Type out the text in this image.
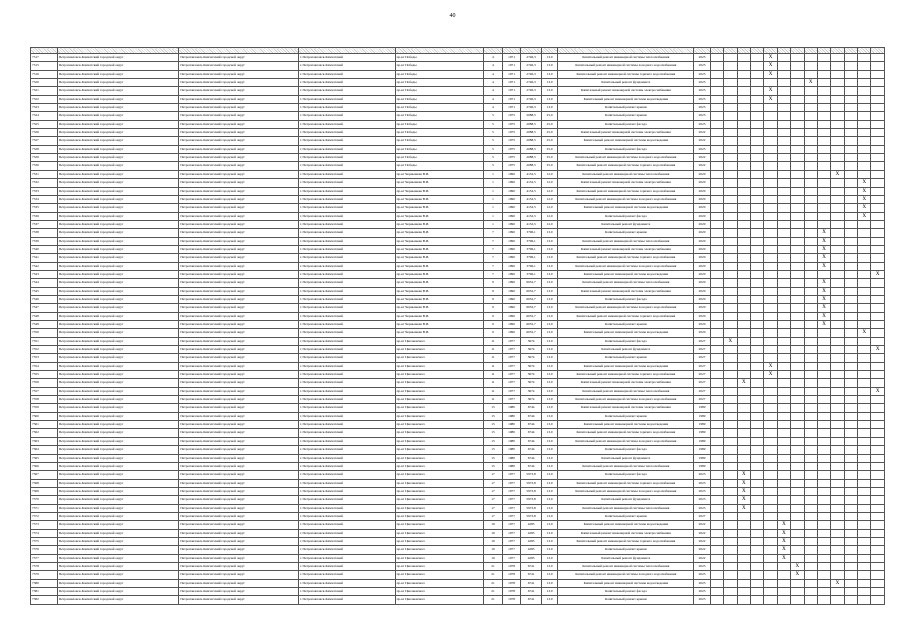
40

7317	Петропавловск-Камчатский городской округ	Петропавловск-Камчатский городской округ	г. Петропавловск-Камчатский	пр-кт Победы	4	1971	2746,3	13,0	Капитальный ремонт инженерной системы теплоснабжения	2025					X								
7315	Петропавловск-Камчатский городской округ	Петропавловск-Камчатский городской округ	г. Петропавловск-Камчатский	пр-кт Победы	4	1971	2746,3	13,0	Капитальный ремонт инженерной системы холодного водоснабжения	2025					X								
7316	Петропавловск-Камчатский городской округ	Петропавловск-Камчатский городской округ	г. Петропавловск-Камчатский	пр-кт Победы	4	1971	2746,3	13,0	Капитальный ремонт инженерной системы горячего водоснабжения	2025					X								
7320	Петропавловск-Камчатский городской округ	Петропавловск-Камчатский городской округ	г. Петропавловск-Камчатский	пр-кт Победы	4	1971	2746,3	13,0	Капитальный ремонт фундамента	2025								X					
7321	Петропавловск-Камчатский городской округ	Петропавловск-Камчатский городской округ	г. Петропавловск-Камчатский	пр-кт Победы	4	1971	2746,3	13,0	Капитальный ремонт инженерной системы электроснабжения	2025					X								
7322	Петропавловск-Камчатский городской округ	Петропавловск-Камчатский городской округ	г. Петропавловск-Камчатский	пр-кт Победы	4	1971	2746,3	13,0	Капитальный ремонт инженерной системы водоотведения	2025					X								
7323	Петропавловск-Камчатский городской округ	Петропавловск-Камчатский городской округ	г. Петропавловск-Камчатский	пр-кт Победы	4	1971	2746,3	13,0	Капитальный ремонт крыши	2025													
7324	Петропавловск-Камчатский городской округ	Петропавловск-Камчатский городской округ	г. Петропавловск-Камчатский	пр-кт Победы	5	1975	2088,5	25,0	Капитальный ремонт крыши	2025													
7325	Петропавловск-Камчатский городской округ	Петропавловск-Камчатский городской округ	г. Петропавловск-Камчатский	пр-кт Победы	5	1975	2088,5	25,0	Капитальный ремонт фасада	2025													
7326	Петропавловск-Камчатский городской округ	Петропавловск-Камчатский городской округ	г. Петропавловск-Камчатский	пр-кт Победы	5	1975	2088,5	25,0	Капитальный ремонт инженерной системы электроснабжения	2022													
7327	Петропавловск-Камчатский городской округ	Петропавловск-Камчатский городской округ	г. Петропавловск-Камчатский	пр-кт Победы	5	1975	2088,5	25,0	Капитальный ремонт инженерной системы водоотведения	2022													
7328	Петропавловск-Камчатский городской округ	Петропавловск-Камчатский городской округ	г. Петропавловск-Камчатский	пр-кт Победы	5	1975	2088,5	25,0	Капитальный ремонт фасада	2025													
7329	Петропавловск-Камчатский городской округ	Петропавловск-Камчатский городской округ	г. Петропавловск-Камчатский	пр-кт Победы	5	1975	2088,5	25,0	Капитальный ремонт инженерной системы холодного водоснабжения	2022													
7330	Петропавловск-Камчатский городской округ	Петропавловск-Камчатский городской округ	г. Петропавловск-Камчатский	пр-кт Победы	5	1975	2088,5	25,0	Капитальный ремонт инженерной системы горячего водоснабжения	2022													
7331	Петропавловск-Камчатский городской округ	Петропавловск-Камчатский городской округ	г. Петропавловск-Камчатский	пр-кт Чернышева В.И.	1	1990	4132,5	12,0	Капитальный ремонт инженерной системы теплоснабжения	2020										X			
7332	Петропавловск-Камчатский городской округ	Петропавловск-Камчатский городской округ	г. Петропавловск-Камчатский	пр-кт Чернышева В.И.	1	1990	4132,5	12,0	Капитальный ремонт инженерной системы электроснабжения	2020												X	
7333	Петропавловск-Камчатский городской округ	Петропавловск-Камчатский городской округ	г. Петропавловск-Камчатский	пр-кт Чернышева В.И.	1	1990	4132,5	12,0	Капитальный ремонт инженерной системы горячего водоснабжения	2020												X	
7334	Петропавловск-Камчатский городской округ	Петропавловск-Камчатский городской округ	г. Петропавловск-Камчатский	пр-кт Чернышева В.И.	1	1990	4132,5	12,0	Капитальный ремонт инженерной системы холодного водоснабжения	2020												X	
7335	Петропавловск-Камчатский городской округ	Петропавловск-Камчатский городской округ	г. Петропавловск-Камчатский	пр-кт Чернышева В.И.	1	1990	4132,5	12,0	Капитальный ремонт инженерной системы водоотведения	2020												X	
7336	Петропавловск-Камчатский городской округ	Петропавловск-Камчатский городской округ	г. Петропавловск-Камчатский	пр-кт Чернышева В.И.	1	1990	4132,5	12,0	Капитальный ремонт фасада	2020												X	
7337	Петропавловск-Камчатский городской округ	Петропавловск-Камчатский городской округ	г. Петропавловск-Камчатский	пр-кт Чернышева В.И.	1	1990	4132,5	12,0	Капитальный ремонт фундамента	2020													
7338	Петропавловск-Камчатский городской округ	Петропавловск-Камчатский городской округ	г. Петропавловск-Камчатский	пр-кт Чернышева В.И.	7	1990	3796,1	13,0	Капитальный ремонт крыши	2020									X				
7339	Петропавловск-Камчатский городской округ	Петропавловск-Камчатский городской округ	г. Петропавловск-Камчатский	пр-кт Чернышева В.И.	7	1990	3796,1	13,0	Капитальный ремонт инженерной системы теплоснабжения	2020									X				
7340	Петропавловск-Камчатский городской округ	Петропавловск-Камчатский городской округ	г. Петропавловск-Камчатский	пр-кт Чернышева В.И.	7	1990	3796,1	13,0	Капитальный ремонт инженерной системы электроснабжения	2020									X				
7341	Петропавловск-Камчатский городской округ	Петропавловск-Камчатский городской округ	г. Петропавловск-Камчатский	пр-кт Чернышева В.И.	7	1990	3796,1	13,0	Капитальный ремонт инженерной системы горячего водоснабжения	2020									X				
7342	Петропавловск-Камчатский городской округ	Петропавловск-Камчатский городской округ	г. Петропавловск-Камчатский	пр-кт Чернышева В.И.	7	1990	3796,1	13,0	Капитальный ремонт инженерной системы холодного водоснабжения	2020									X				
7343	Петропавловск-Камчатский городской округ	Петропавловск-Камчатский городской округ	г. Петропавловск-Камчатский	пр-кт Чернышева В.И.	7	1990	3796,1	13,0	Капитальный ремонт инженерной системы водоотведения	2020													X
7344	Петропавловск-Камчатский городской округ	Петропавловск-Камчатский городской округ	г. Петропавловск-Камчатский	пр-кт Чернышева В.И.	9	1990	6052,7	13,0	Капитальный ремонт инженерной системы теплоснабжения	2020									X				
7345	Петропавловск-Камчатский городской округ	Петропавловск-Камчатский городской округ	г. Петропавловск-Камчатский	пр-кт Чернышева В.И.	9	1990	6052,7	13,0	Капитальный ремонт инженерной системы электроснабжения	2020									X				
7346	Петропавловск-Камчатский городской округ	Петропавловск-Камчатский городской округ	г. Петропавловск-Камчатский	пр-кт Чернышева В.И.	9	1990	6052,7	13,0	Капитальный ремонт фасада	2020									X				
7347	Петропавловск-Камчатский городской округ	Петропавловск-Камчатский городской округ	г. Петропавловск-Камчатский	пр-кт Чернышева В.И.	9	1990	6052,7	13,0	Капитальный ремонт инженерной системы холодного водоснабжения	2020									X				
7348	Петропавловск-Камчатский городской округ	Петропавловск-Камчатский городской округ	г. Петропавловск-Камчатский	пр-кт Чернышева В.И.	9	1990	6052,7	13,0	Капитальный ремонт инженерной системы горячего водоснабжения	2020									X				
7349	Петропавловск-Камчатский городской округ	Петропавловск-Камчатский городской округ	г. Петропавловск-Камчатский	пр-кт Чернышева В.И.	9	1990	6052,7	13,0	Капитальный ремонт крыши	2020									X				
7350	Петропавловск-Камчатский городской округ	Петропавловск-Камчатский городской округ	г. Петропавловск-Камчатский	пр-кт Чернышева В.И.	9	1990	6052,7	13,0	Капитальный ремонт инженерной системы водоотведения	2020												X	
7351	Петропавловск-Камчатский городской округ	Петропавловск-Камчатский городской округ	г. Петропавловск-Камчатский	пр-кт Циолковского	11	1977	3674	13,0	Капитальный ремонт фасада	2027		X											
7352	Петропавловск-Камчатский городской округ	Петропавловск-Камчатский городской округ	г. Петропавловск-Камчатский	пр-кт Циолковского	11	1977	3674	13,0	Капитальный ремонт фундамента	2027													X
7353	Петропавловск-Камчатский городской округ	Петропавловск-Камчатский городской округ	г. Петропавловск-Камчатский	пр-кт Циолковского	11	1977	3674	13,0	Капитальный ремонт крыши	2027													
7354	Петропавловск-Камчатский городской округ	Петропавловск-Камчатский городской округ	г. Петропавловск-Камчатский	пр-кт Циолковского	11	1977	3674	13,0	Капитальный ремонт инженерной системы водоотведения	2027					X								
7355	Петропавловск-Камчатский городской округ	Петропавловск-Камчатский городской округ	г. Петропавловск-Камчатский	пр-кт Циолковского	11	1977	3674	13,0	Капитальный ремонт инженерной системы горячего водоснабжения	2027					X								
7356	Петропавловск-Камчатский городской округ	Петропавловск-Камчатский городской округ	г. Петропавловск-Камчатский	пр-кт Циолковского	11	1977	3674	13,0	Капитальный ремонт инженерной системы электроснабжения	2027			X										
7357	Петропавловск-Камчатский городской округ	Петропавловск-Камчатский городской округ	г. Петропавловск-Камчатский	пр-кт Циолковского	11	1977	3674	13,0	Капитальный ремонт инженерной системы теплоснабжения	2027													X
7358	Петропавловск-Камчатский городской округ	Петропавловск-Камчатский городской округ	г. Петропавловск-Камчатский	пр-кт Циолковского	11	1977	3674	13,0	Капитальный ремонт инженерной системы холодного водоснабжения	2027													
7359	Петропавловск-Камчатский городской округ	Петропавловск-Камчатский городской округ	г. Петропавловск-Камчатский	пр-кт Циолковского	15	1980	6744	13,0	Капитальный ремонт инженерной системы электроснабжения	1989													
7360	Петропавловск-Камчатский городской округ	Петропавловск-Камчатский городской округ	г. Петропавловск-Камчатский	пр-кт Циолковского	15	1980	6744	13,0	Капитальный ремонт крыши	1989													
7361	Петропавловск-Камчатский городской округ	Петропавловск-Камчатский городской округ	г. Петропавловск-Камчатский	пр-кт Циолковского	15	1980	6744	13,0	Капитальный ремонт инженерной системы водоотведения	1989													
7362	Петропавловск-Камчатский городской округ	Петропавловск-Камчатский городской округ	г. Петропавловск-Камчатский	пр-кт Циолковского	15	1980	6744	13,0	Капитальный ремонт инженерной системы горячего водоснабжения	1989													
7363	Петропавловск-Камчатский городской округ	Петропавловск-Камчатский городской округ	г. Петропавловск-Камчатский	пр-кт Циолковского	15	1980	6744	13,0	Капитальный ремонт инженерной системы холодного водоснабжения	1989													
7364	Петропавловск-Камчатский городской округ	Петропавловск-Камчатский городской округ	г. Петропавловск-Камчатский	пр-кт Циолковского	15	1980	6744	13,0	Капитальный ремонт фасада	1989													
7365	Петропавловск-Камчатский городской округ	Петропавловск-Камчатский городской округ	г. Петропавловск-Камчатский	пр-кт Циолковского	15	1980	6744	13,0	Капитальный ремонт фундамента	1989													
7366	Петропавловск-Камчатский городской округ	Петропавловск-Камчатский городской округ	г. Петропавловск-Камчатский	пр-кт Циолковского	15	1980	6744	13,0	Капитальный ремонт инженерной системы теплоснабжения	1989													
7367	Петропавловск-Камчатский городской округ	Петропавловск-Камчатский городской округ	г. Петропавловск-Камчатский	пр-кт Циолковского	17	1977	5973,8	13,0	Капитальный ремонт фасада	2023			X										
7368	Петропавловск-Камчатский городской округ	Петропавловск-Камчатский городской округ	г. Петропавловск-Камчатский	пр-кт Циолковского	17	1977	5973,8	13,0	Капитальный ремонт инженерной системы горячего водоснабжения	2023			X										
7369	Петропавловск-Камчатский городской округ	Петропавловск-Камчатский городской округ	г. Петропавловск-Камчатский	пр-кт Циолковского	17	1977	5973,8	13,0	Капитальный ремонт инженерной системы холодного водоснабжения	2023			X										
7370	Петропавловск-Камчатский городской округ	Петропавловск-Камчатский городской округ	г. Петропавловск-Камчатский	пр-кт Циолковского	17	1977	5973,8	13,0	Капитальный ремонт фундамента	2023			X										
7371	Петропавловск-Камчатский городской округ	Петропавловск-Камчатский городской округ	г. Петропавловск-Камчатский	пр-кт Циолковского	17	1977	5973,8	13,0	Капитальный ремонт инженерной системы теплоснабжения	2023			X										
7372	Петропавловск-Камчатский городской округ	Петропавловск-Камчатский городской округ	г. Петропавловск-Камчатский	пр-кт Циолковского	17	1977	5973,8	13,0	Капитальный ремонт крыши	2027													
7373	Петропавловск-Камчатский городской округ	Петропавловск-Камчатский городской округ	г. Петропавловск-Камчатский	пр-кт Циолковского	19	1977	4283	13,0	Капитальный ремонт инженерной системы водоотведения	2022						X							
7374	Петропавловск-Камчатский городской округ	Петропавловск-Камчатский городской округ	г. Петропавловск-Камчатский	пр-кт Циолковского	19	1977	4283	13,0	Капитальный ремонт инженерной системы электроснабжения	2022						X							
7375	Петропавловск-Камчатский городской округ	Петропавловск-Камчатский городской округ	г. Петропавловск-Камчатский	пр-кт Циолковского	19	1977	4283	13,0	Капитальный ремонт инженерной системы горячего водоснабжения	2022						X							
7376	Петропавловск-Камчатский городской округ	Петропавловск-Камчатский городской округ	г. Петропавловск-Камчатский	пр-кт Циолковского	19	1977	4283	13,0	Капитальный ремонт крыши	2022						X							
7377	Петропавловск-Камчатский городской округ	Петропавловск-Камчатский городской округ	г. Петропавловск-Камчатский	пр-кт Циолковского	19	1977	4283	13,0	Капитальный ремонт фундамента	2022						X							
7378	Петропавловск-Камчатский городской округ	Петропавловск-Камчатский городской округ	г. Петропавловск-Камчатский	пр-кт Циолковского	21	1978	6741	13,0	Капитальный ремонт инженерной системы теплоснабжения	2023							X						
7379	Петропавловск-Камчатский городской округ	Петропавловск-Камчатский городской округ	г. Петропавловск-Камчатский	пр-кт Циолковского	21	1978	6741	13,0	Капитальный ремонт инженерной системы холодного водоснабжения	2023							X						
7380	Петропавловск-Камчатский городской округ	Петропавловск-Камчатский городской округ	г. Петропавловск-Камчатский	пр-кт Циолковского	21	1978	6741	13,0	Капитальный ремонт инженерной системы водоотведения	2023										X			
7381	Петропавловск-Камчатский городской округ	Петропавловск-Камчатский городской округ	г. Петропавловск-Камчатский	пр-кт Циолковского	21	1978	6741	13,0	Капитальный ремонт фасада	2023													
7382	Петропавловск-Камчатский городской округ	Петропавловск-Камчатский городской округ	г. Петропавловск-Камчатский	пр-кт Циолковского	21	1978	6741	13,0	Капитальный ремонт крыши	2023													
